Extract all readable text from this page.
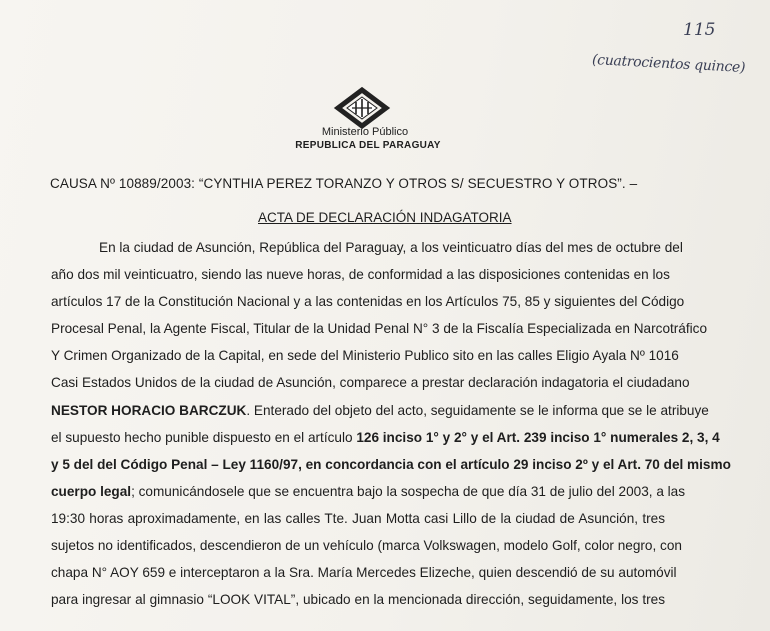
115
(cuatrocientos quince)
Ministerio Público
REPUBLICA DEL PARAGUAY
CAUSA Nº 10889/2003: “CYNTHIA PEREZ TORANZO Y OTROS S/ SECUESTRO Y OTROS”. –
ACTA DE DECLARACIÓN INDAGATORIA
En la ciudad de Asunción, República del Paraguay, a los veinticuatro días del mes de octubre del
año dos mil veinticuatro, siendo las nueve horas, de conformidad a las disposiciones contenidas en los
artículos 17 de la Constitución Nacional y a las contenidas en los Artículos 75, 85 y siguientes del Código
Procesal Penal, la Agente Fiscal, Titular de la Unidad Penal N° 3 de la Fiscalía Especializada en Narcotráfico
Y Crimen Organizado de la Capital, en sede del Ministerio Publico sito en las calles Eligio Ayala Nº 1016
Casi Estados Unidos de la ciudad de Asunción, comparece a prestar declaración indagatoria el ciudadano
NESTOR HORACIO BARCZUK. Enterado del objeto del acto, seguidamente se le informa que se le atribuye
el supuesto hecho punible dispuesto en el artículo 126 inciso 1° y 2° y el Art. 239 inciso 1° numerales 2, 3, 4
y 5 del del Código Penal – Ley 1160/97, en concordancia con el artículo 29 inciso 2º y el Art. 70 del mismo
cuerpo legal; comunicándosele que se encuentra bajo la sospecha de que día 31 de julio del 2003, a las
19:30 horas aproximadamente, en las calles Tte. Juan Motta casi Lillo de la ciudad de Asunción, tres
sujetos no identificados, descendieron de un vehículo (marca Volkswagen, modelo Golf, color negro, con
chapa N° AOY 659 e interceptaron a la Sra. María Mercedes Elizeche, quien descendió de su automóvil
para ingresar al gimnasio “LOOK VITAL”, ubicado en la mencionada dirección, seguidamente, los tres
